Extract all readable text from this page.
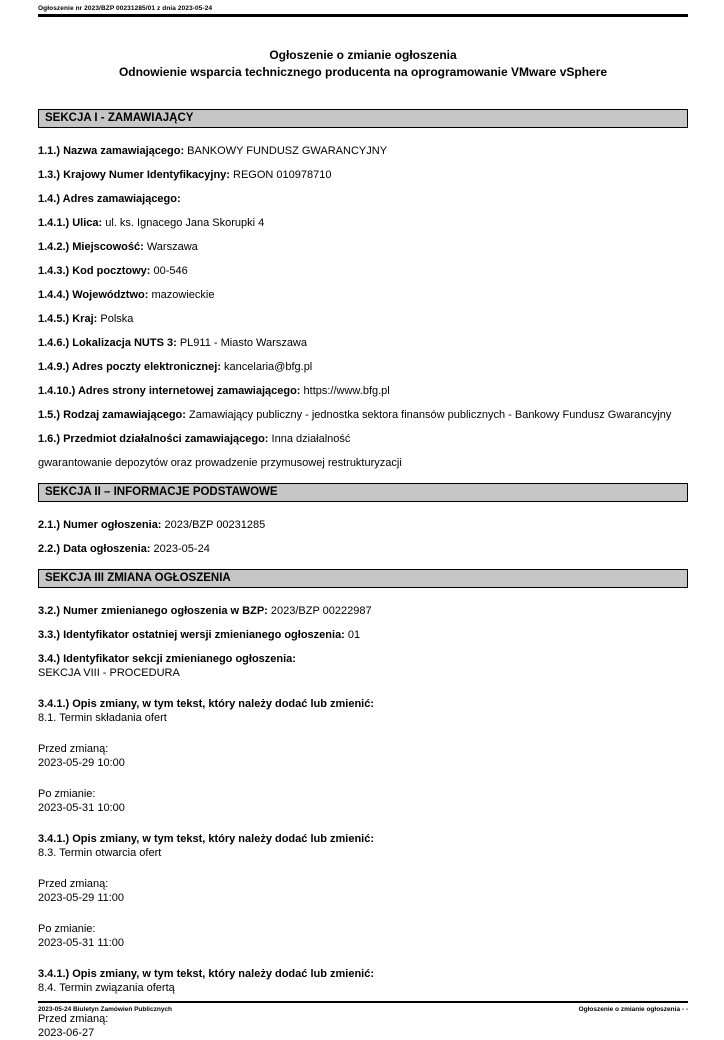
Ogłoszenie nr 2023/BZP 00231285/01 z dnia 2023-05-24
Ogłoszenie o zmianie ogłoszenia
Odnowienie wsparcia technicznego producenta na oprogramowanie VMware vSphere
SEKCJA I - ZAMAWIAJĄCY
1.1.) Nazwa zamawiającego: BANKOWY FUNDUSZ GWARANCYJNY
1.3.) Krajowy Numer Identyfikacyjny: REGON 010978710
1.4.) Adres zamawiającego:
1.4.1.) Ulica: ul. ks. Ignacego Jana Skorupki 4
1.4.2.) Miejscowość: Warszawa
1.4.3.) Kod pocztowy: 00-546
1.4.4.) Województwo: mazowieckie
1.4.5.) Kraj: Polska
1.4.6.) Lokalizacja NUTS 3: PL911 - Miasto Warszawa
1.4.9.) Adres poczty elektronicznej: kancelaria@bfg.pl
1.4.10.) Adres strony internetowej zamawiającego: https://www.bfg.pl
1.5.) Rodzaj zamawiającego: Zamawiający publiczny - jednostka sektora finansów publicznych - Bankowy Fundusz Gwarancyjny
1.6.) Przedmiot działalności zamawiającego: Inna działalność
gwarantowanie depozytów oraz prowadzenie przymusowej restrukturyzacji
SEKCJA II – INFORMACJE PODSTAWOWE
2.1.) Numer ogłoszenia: 2023/BZP 00231285
2.2.) Data ogłoszenia: 2023-05-24
SEKCJA III ZMIANA OGŁOSZENIA
3.2.) Numer zmienianego ogłoszenia w BZP: 2023/BZP 00222987
3.3.) Identyfikator ostatniej wersji zmienianego ogłoszenia: 01
3.4.) Identyfikator sekcji zmienianego ogłoszenia:
SEKCJA VIII - PROCEDURA
3.4.1.) Opis zmiany, w tym tekst, który należy dodać lub zmienić:
8.1. Termin składania ofert
Przed zmianą:
2023-05-29 10:00
Po zmianie:
2023-05-31 10:00
3.4.1.) Opis zmiany, w tym tekst, który należy dodać lub zmienić:
8.3. Termin otwarcia ofert
Przed zmianą:
2023-05-29 11:00
Po zmianie:
2023-05-31 11:00
3.4.1.) Opis zmiany, w tym tekst, który należy dodać lub zmienić:
8.4. Termin związania ofertą
Przed zmianą:
2023-06-27
2023-05-24 Biuletyn Zamówień Publicznych	Ogłoszenie o zmianie ogłoszenia - -
